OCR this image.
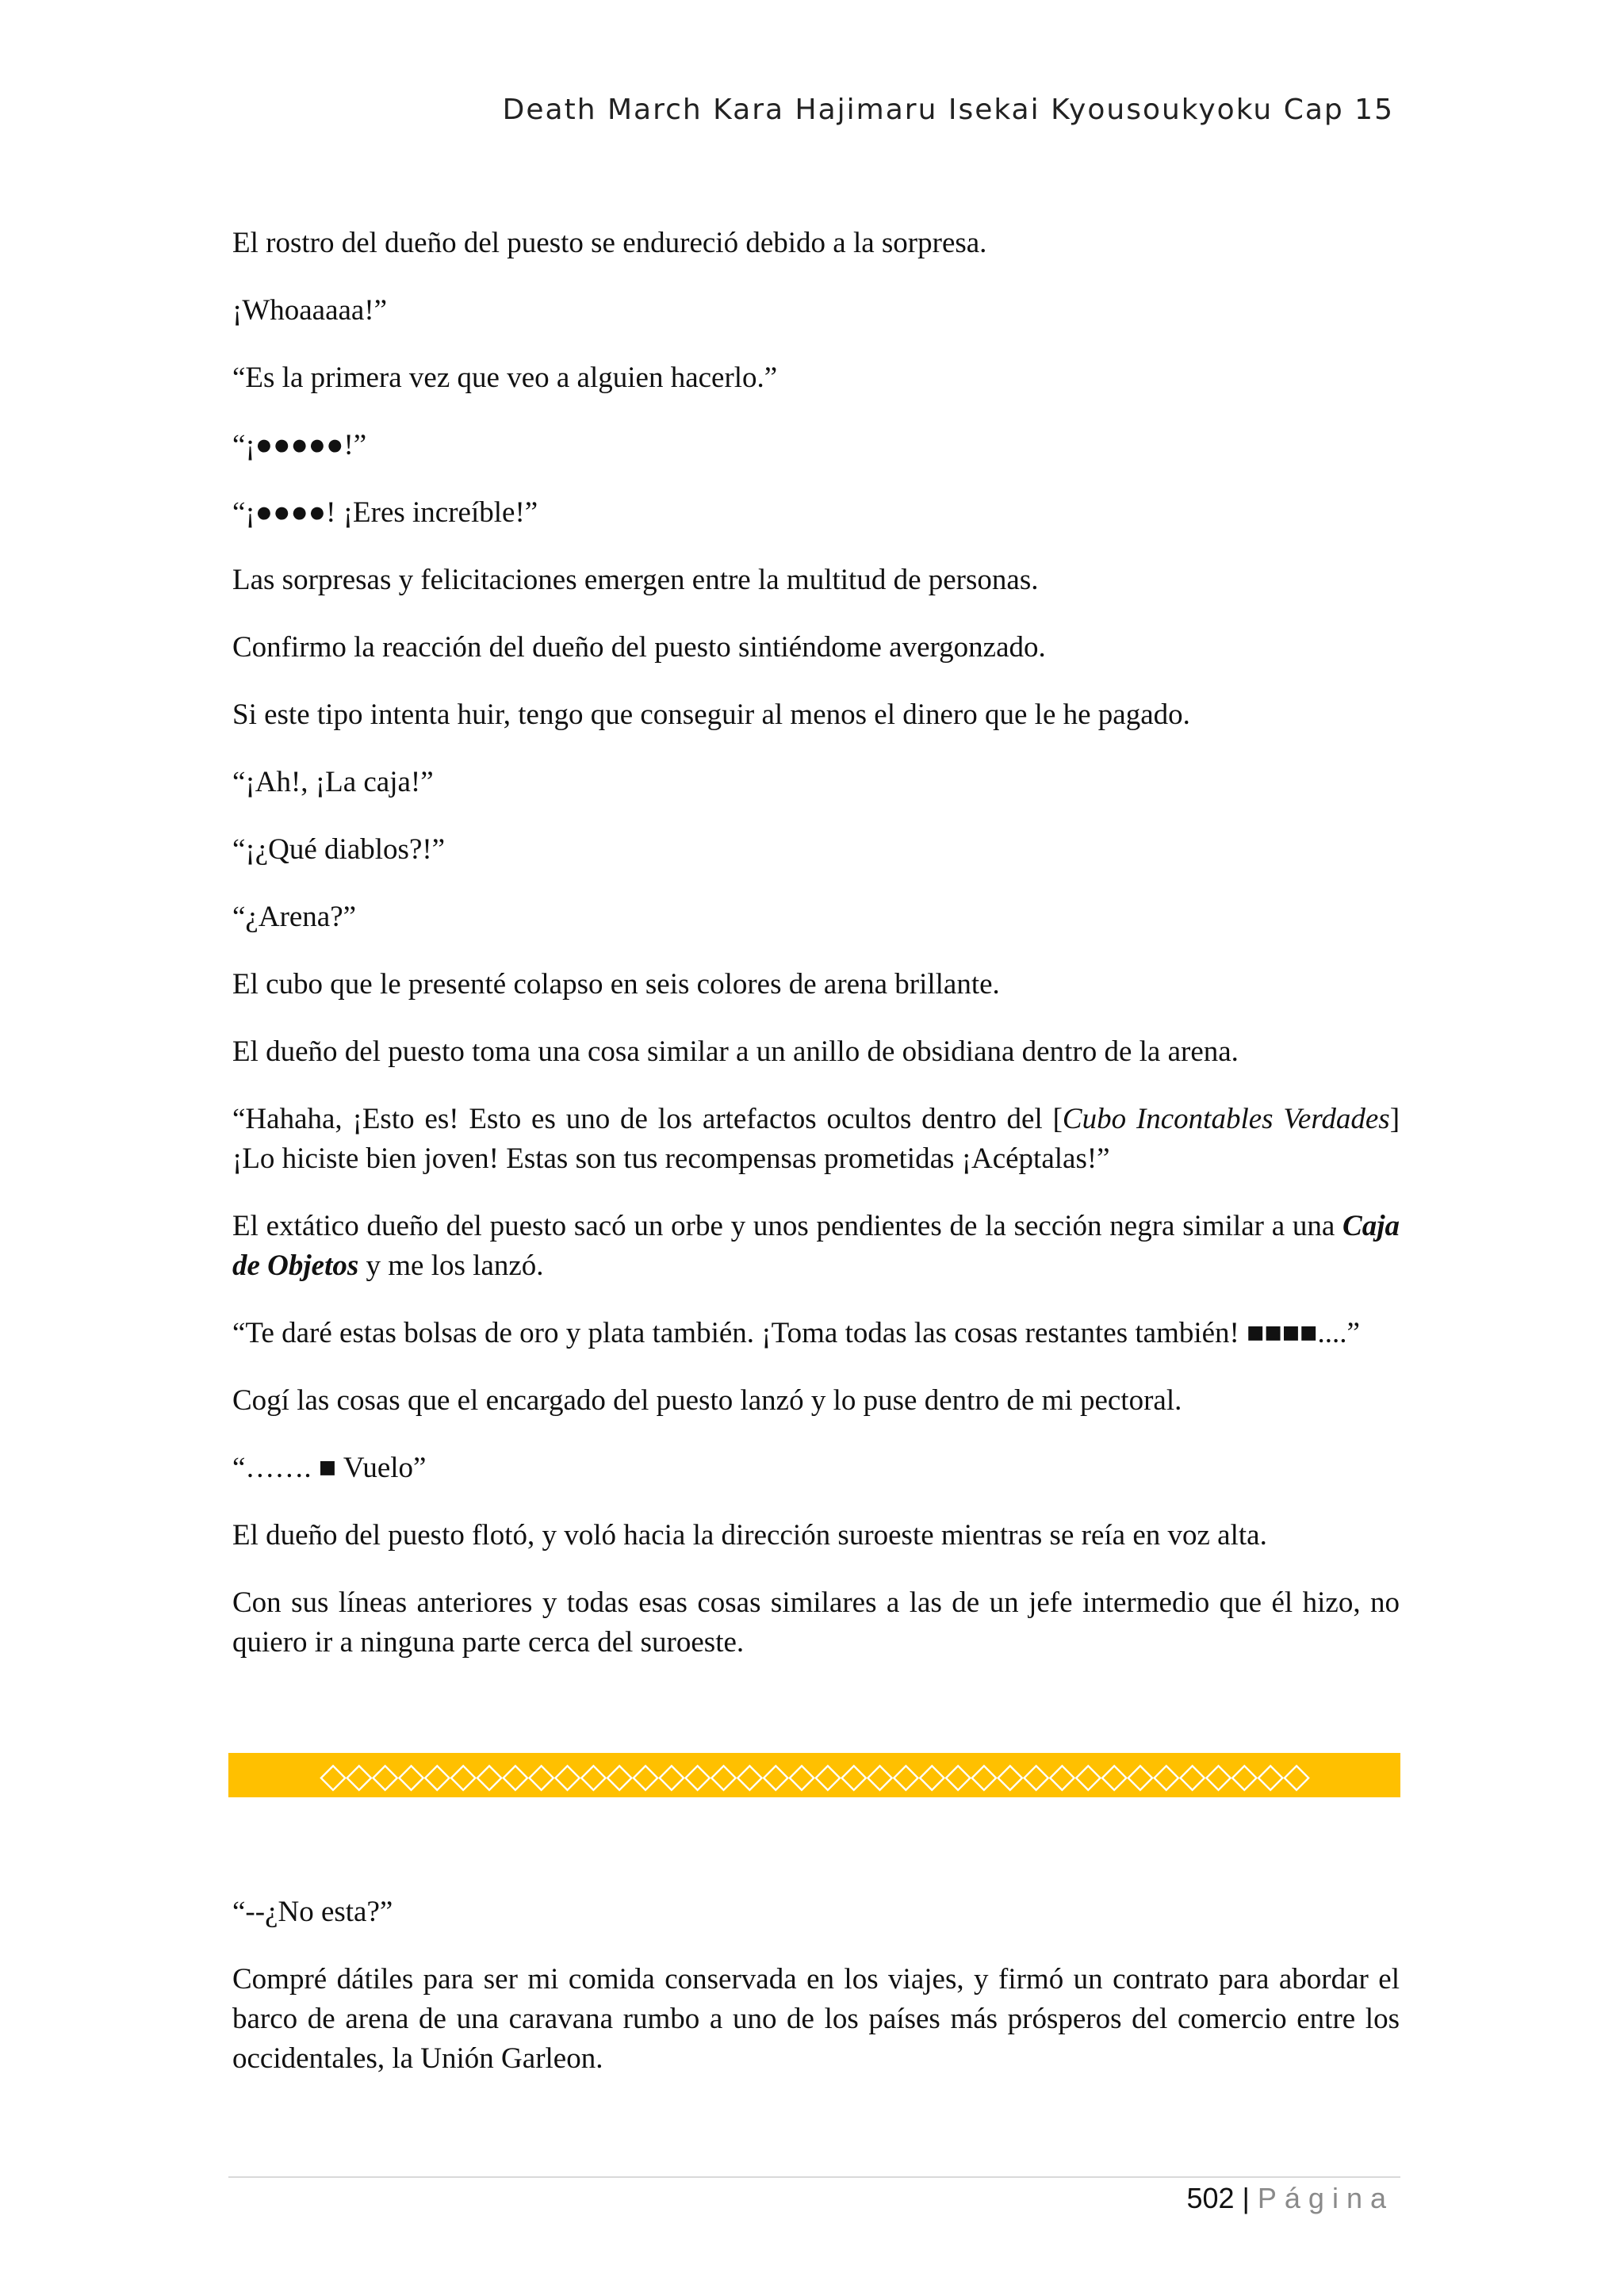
Death March Kara Hajimaru Isekai Kyousoukyoku Cap 15
El rostro del dueño del puesto se endureció debido a la sorpresa.
¡Whoaaaaa!”
“Es la primera vez que veo a alguien hacerlo.”
“¡●●●●●!”
“¡●●●●! ¡Eres increíble!”
Las sorpresas y felicitaciones emergen entre la multitud de personas.
Confirmo la reacción del dueño del puesto sintiéndome avergonzado.
Si este tipo intenta huir, tengo que conseguir al menos el dinero que le he pagado.
“¡Ah!, ¡La caja!”
“¡¿Qué diablos?!”
“¿Arena?”
El cubo que le presenté colapso en seis colores de arena brillante.
El dueño del puesto toma una cosa similar a un anillo de obsidiana dentro de la arena.
“Hahaha, ¡Esto es! Esto es uno de los artefactos ocultos dentro del [Cubo Incontables Verdades] ¡Lo hiciste bien joven! Estas son tus recompensas prometidas ¡Acéptalas!”
El extático dueño del puesto sacó un orbe y unos pendientes de la sección negra similar a una Caja de Objetos y me los lanzó.
“Te daré estas bolsas de oro y plata también. ¡Toma todas las cosas restantes también! ■■■■....”
Cogí las cosas que el encargado del puesto lanzó y lo puse dentro de mi pectoral.
“……. ■ Vuelo”
El dueño del puesto flotó, y voló hacia la dirección suroeste mientras se reía en voz alta.
Con sus líneas anteriores y todas esas cosas similares a las de un jefe intermedio que él hizo, no quiero ir a ninguna parte cerca del suroeste.
◇◇◇◇◇◇◇◇◇◇◇◇◇◇◇◇◇◇◇◇◇◇◇◇◇◇◇◇◇◇◇◇◇◇◇◇◇◇
“--¿No esta?”
Compré dátiles para ser mi comida conservada en los viajes, y firmó un contrato para abordar el barco de arena de una caravana rumbo a uno de los países más prósperos del comercio entre los occidentales, la Unión Garleon.
502 | Página
